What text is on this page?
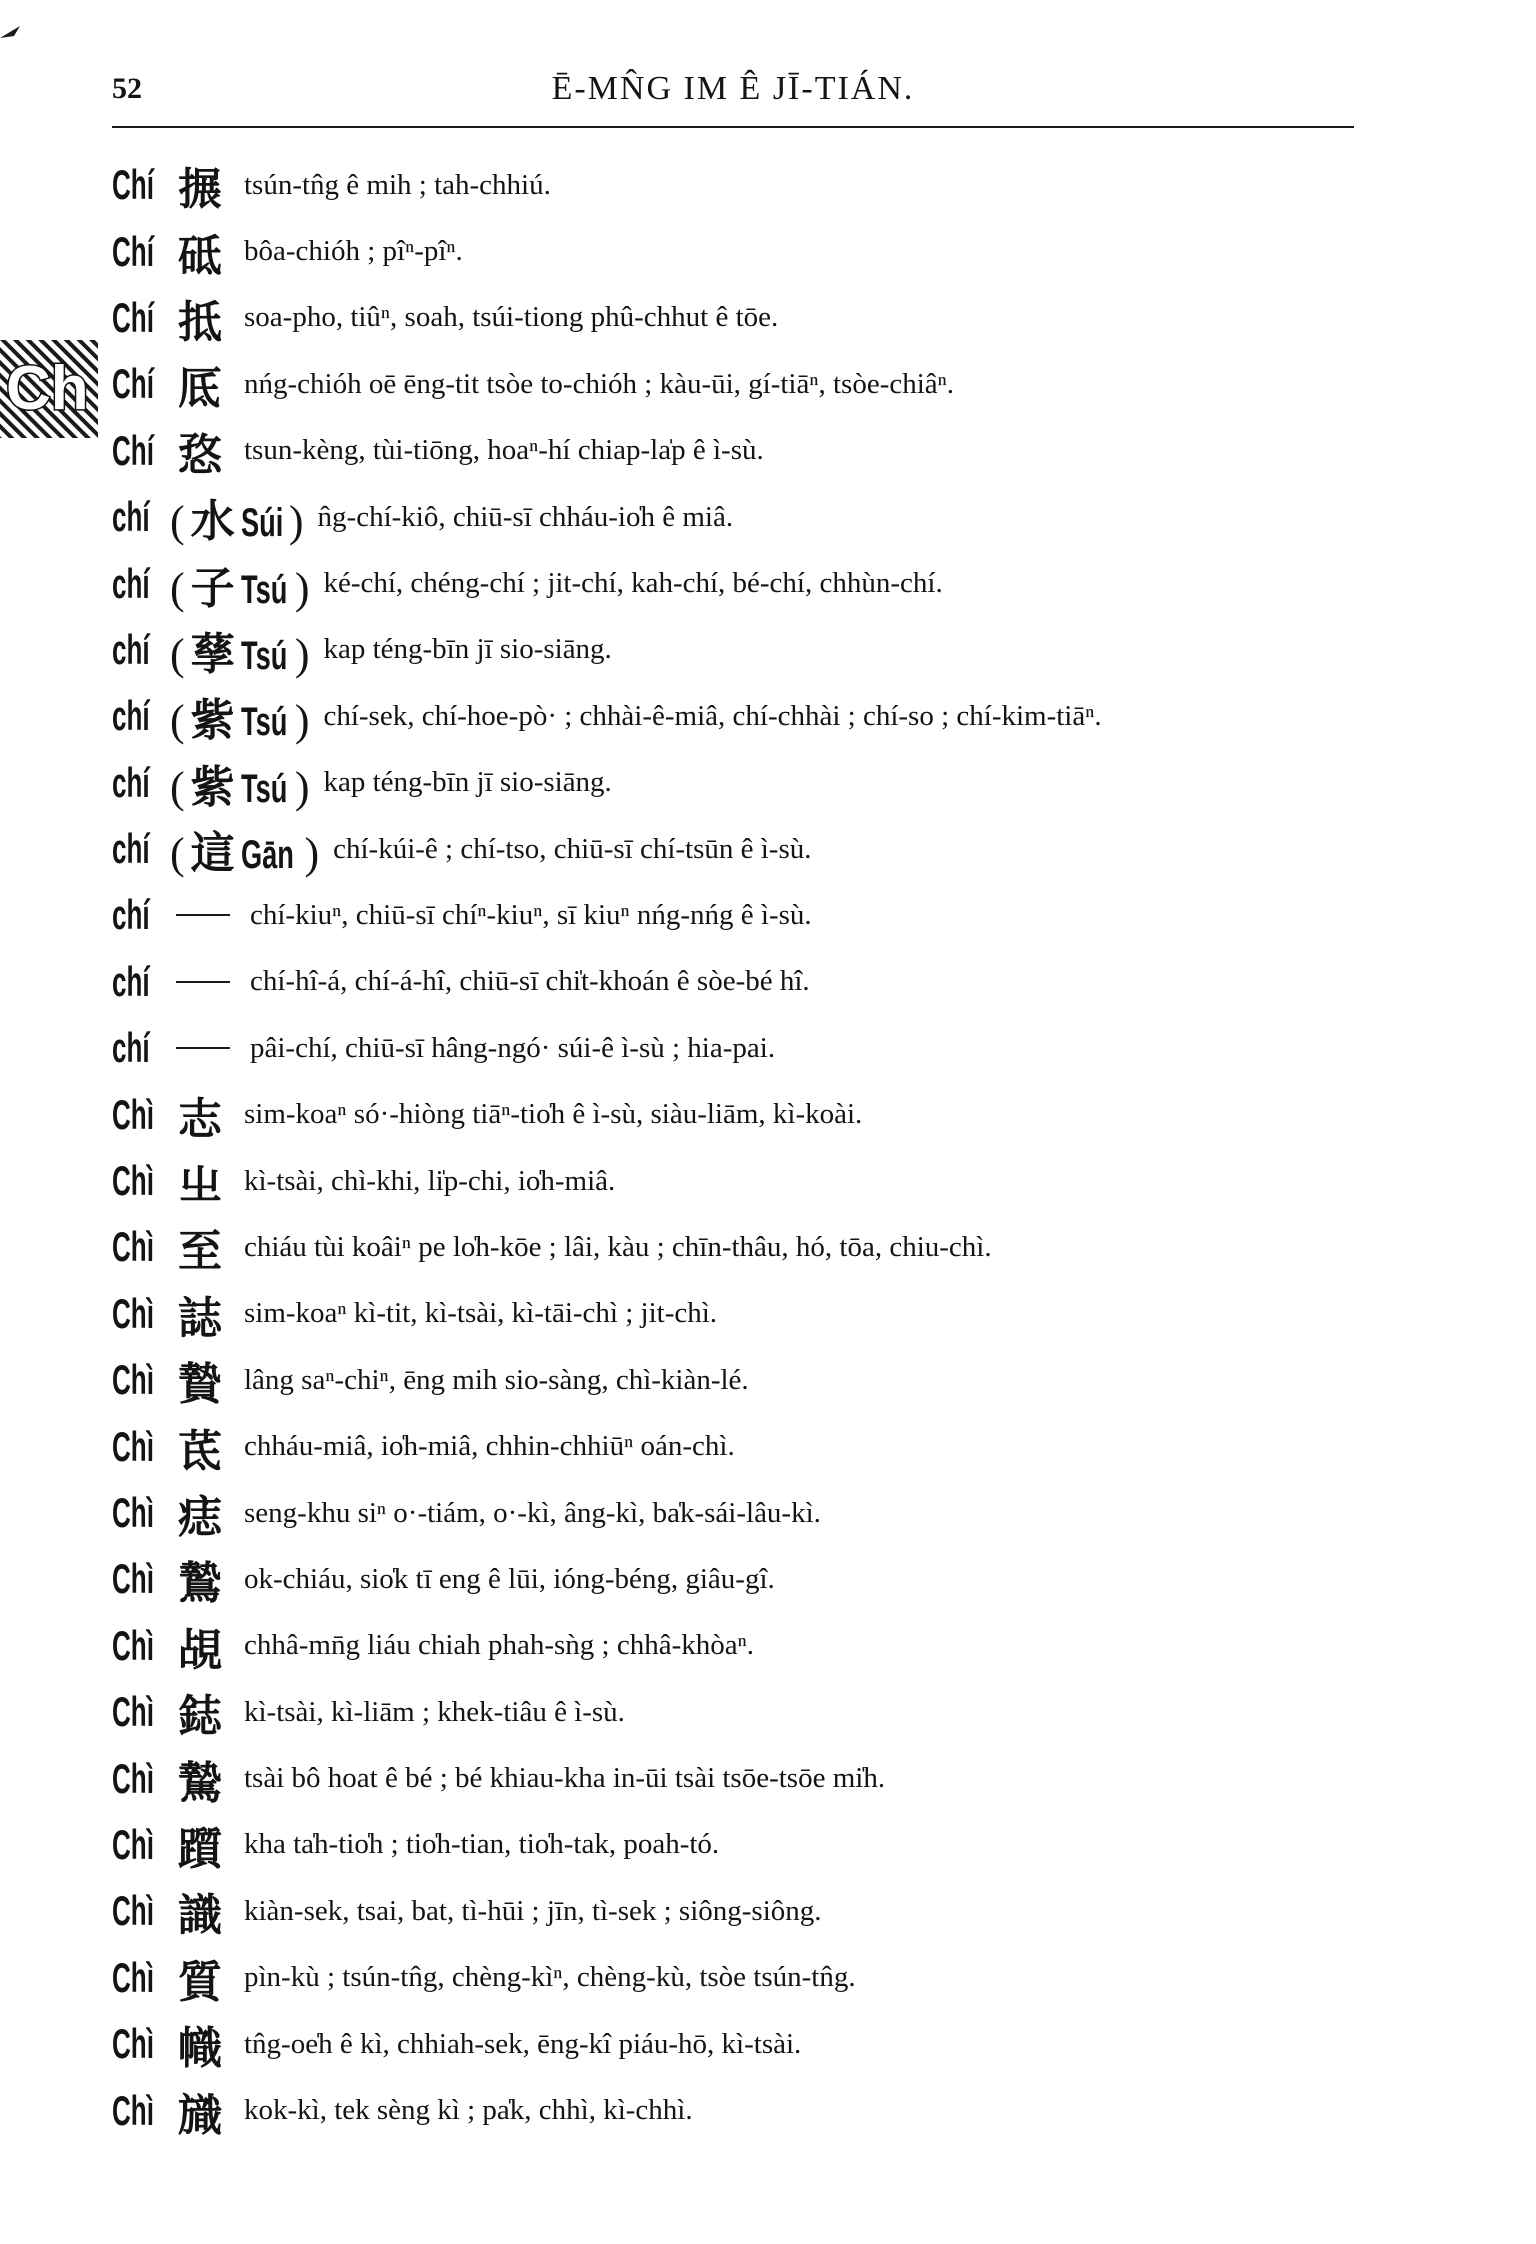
52	Ē-MN̂G IM Ê JĪ-TIÁN.
Ch
Chí 搌 tsún-tn̂g ê mih ; tah-chhiú.
Chí 砥 bôa-chióh ; pîⁿ-pîⁿ.
Chí 抵 soa-pho, tiûⁿ, soah, tsúi-tiong phû-chhut ê tōe.
Chí 厎 nńg-chióh oē ēng-tit tsòe to-chióh ; kàu-ūi, gí-tiāⁿ, tsòe-chiâⁿ.
Chí 㤵 tsun-kèng, tùi-tiōng, hoaⁿ-hí chiap-la̍p ê ì-sù.
chí ( 水 Súi ) n̂g-chí-kiô, chiū-sī chháu-io̍h ê miâ.
chí ( 子 Tsú ) ké-chí, chéng-chí ; jit-chí, kah-chí, bé-chí, chhùn-chí.
chí ( 孶 Tsú ) kap téng-bīn jī sio-siāng.
chí ( 紫 Tsú ) chí-sek, chí-hoe-pò· ; chhài-ê-miâ, chí-chhài ; chí-so ; chí-kim-tiāⁿ.
chí ( 紫 Tsú ) kap téng-bīn jī sio-siāng.
chí ( 這 Gān ) chí-kúi-ê ; chí-tso, chiū-sī chí-tsūn ê ì-sù.
chí	chí-kiuⁿ, chiū-sī chíⁿ-kiuⁿ, sī kiuⁿ nńg-nńg ê ì-sù.
chí	chí-hî-á, chí-á-hî, chiū-sī chi̍t-khoán ê sòe-bé hî.
chí	pâi-chí, chiū-sī hâng-ngó· súi-ê ì-sù ; hia-pai.
Chì 志 sim-koaⁿ só·-hiòng tiāⁿ-tio̍h ê ì-sù, siàu-liām, kì-koài.
Chì 㞢 kì-tsài, chì-khi, li̍p-chi, io̍h-miâ.
Chì 至 chiáu tùi koâiⁿ pe lo̍h-kōe ; lâi, kàu ; chīn-thâu, hó, tōa, chiu-chì.
Chì 誌 sim-koaⁿ kì-tit, kì-tsài, kì-tāi-chì ; jit-chì.
Chì 贄 lâng saⁿ-chiⁿ, ēng mih sio-sàng, chì-kiàn-lé.
Chì 茋 chháu-miâ, io̍h-miâ, chhin-chhiūⁿ oán-chì.
Chì 痣 seng-khu siⁿ o·-tiám, o·-kì, âng-kì, ba̍k-sái-lâu-kì.
Chì 鷙 ok-chiáu, sio̍k tī eng ê lūi, ióng-béng, giâu-gî.
Chì 覘 chhâ-mn̄g liáu chiah phah-sǹg ; chhâ-khòaⁿ.
Chì 鋕 kì-tsài, kì-liām ; khek-tiâu ê ì-sù.
Chì 騺 tsài bô hoat ê bé ; bé khiau-kha in-ūi tsài tsōe-tsōe mi̍h.
Chì 躓 kha ta̍h-tio̍h ; tio̍h-tian, tio̍h-tak, poah-tó.
Chì 識 kiàn-sek, tsai, bat, tì-hūi ; jīn, tì-sek ; siông-siông.
Chì 質 pìn-kù ; tsún-tn̂g, chèng-kìⁿ, chèng-kù, tsòe tsún-tn̂g.
Chì 幟 tn̂g-oe̍h ê kì, chhiah-sek, ēng-kî piáu-hō, kì-tsài.
Chì 旘 kok-kì, tek sèng kì ; pa̍k, chhì, kì-chhì.
